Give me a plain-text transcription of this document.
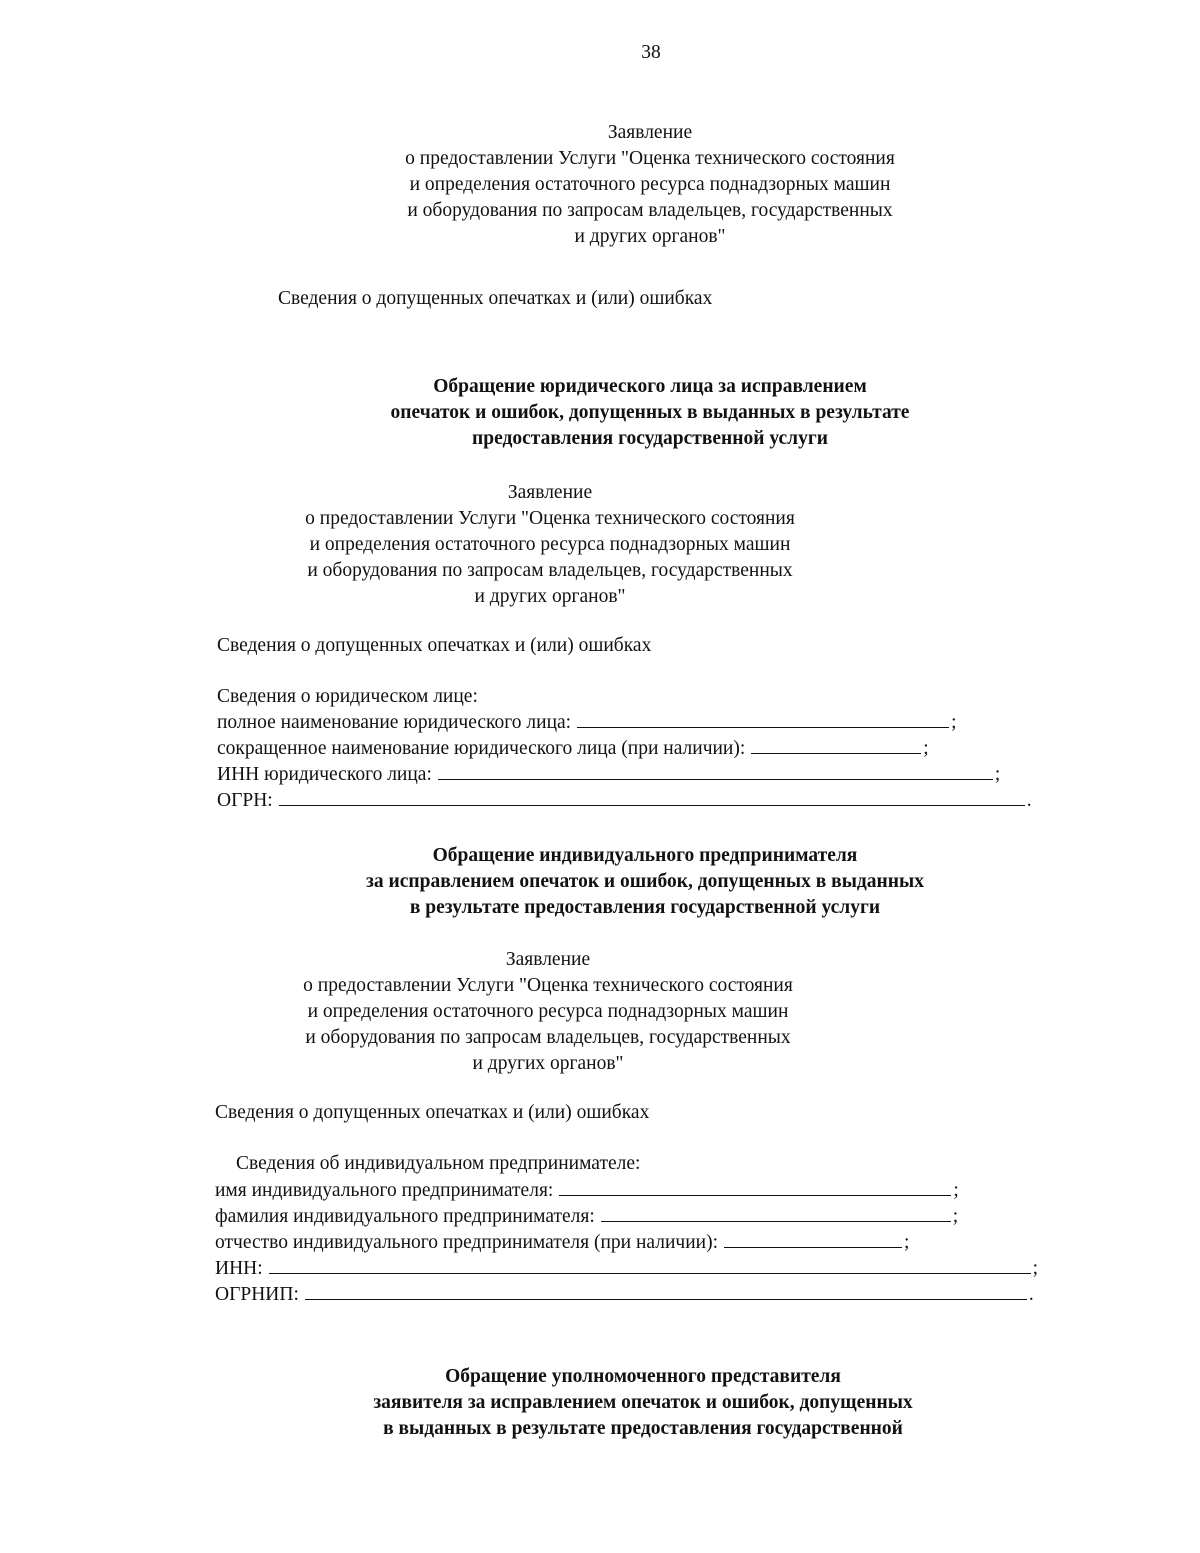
38
Заявление
о предоставлении Услуги "Оценка технического состояния
и определения остаточного ресурса поднадзорных машин
и оборудования по запросам владельцев, государственных
и других органов"
Сведения о допущенных опечатках и (или) ошибках
Обращение юридического лица за исправлением
опечаток и ошибок, допущенных в выданных в результате
предоставления государственной услуги
Заявление
о предоставлении Услуги "Оценка технического состояния
и определения остаточного ресурса поднадзорных машин
и оборудования по запросам владельцев, государственных
и других органов"
Сведения о допущенных опечатках и (или) ошибках
Сведения о юридическом лице:
полное наименование юридического лица:	;
сокращенное наименование юридического лица (при наличии):	;
ИНН юридического лица:	;
ОГРН:	.
Обращение индивидуального предпринимателя
за исправлением опечаток и ошибок, допущенных в выданных
в результате предоставления государственной услуги
Заявление
о предоставлении Услуги "Оценка технического состояния
и определения остаточного ресурса поднадзорных машин
и оборудования по запросам владельцев, государственных
и других органов"
Сведения о допущенных опечатках и (или) ошибках
Сведения об индивидуальном предпринимателе:
имя индивидуального предпринимателя:	;
фамилия индивидуального предпринимателя:	;
отчество индивидуального предпринимателя (при наличии):	;
ИНН:	;
ОГРНИП:	.
Обращение уполномоченного представителя
заявителя за исправлением опечаток и ошибок, допущенных
в выданных в результате предоставления государственной
